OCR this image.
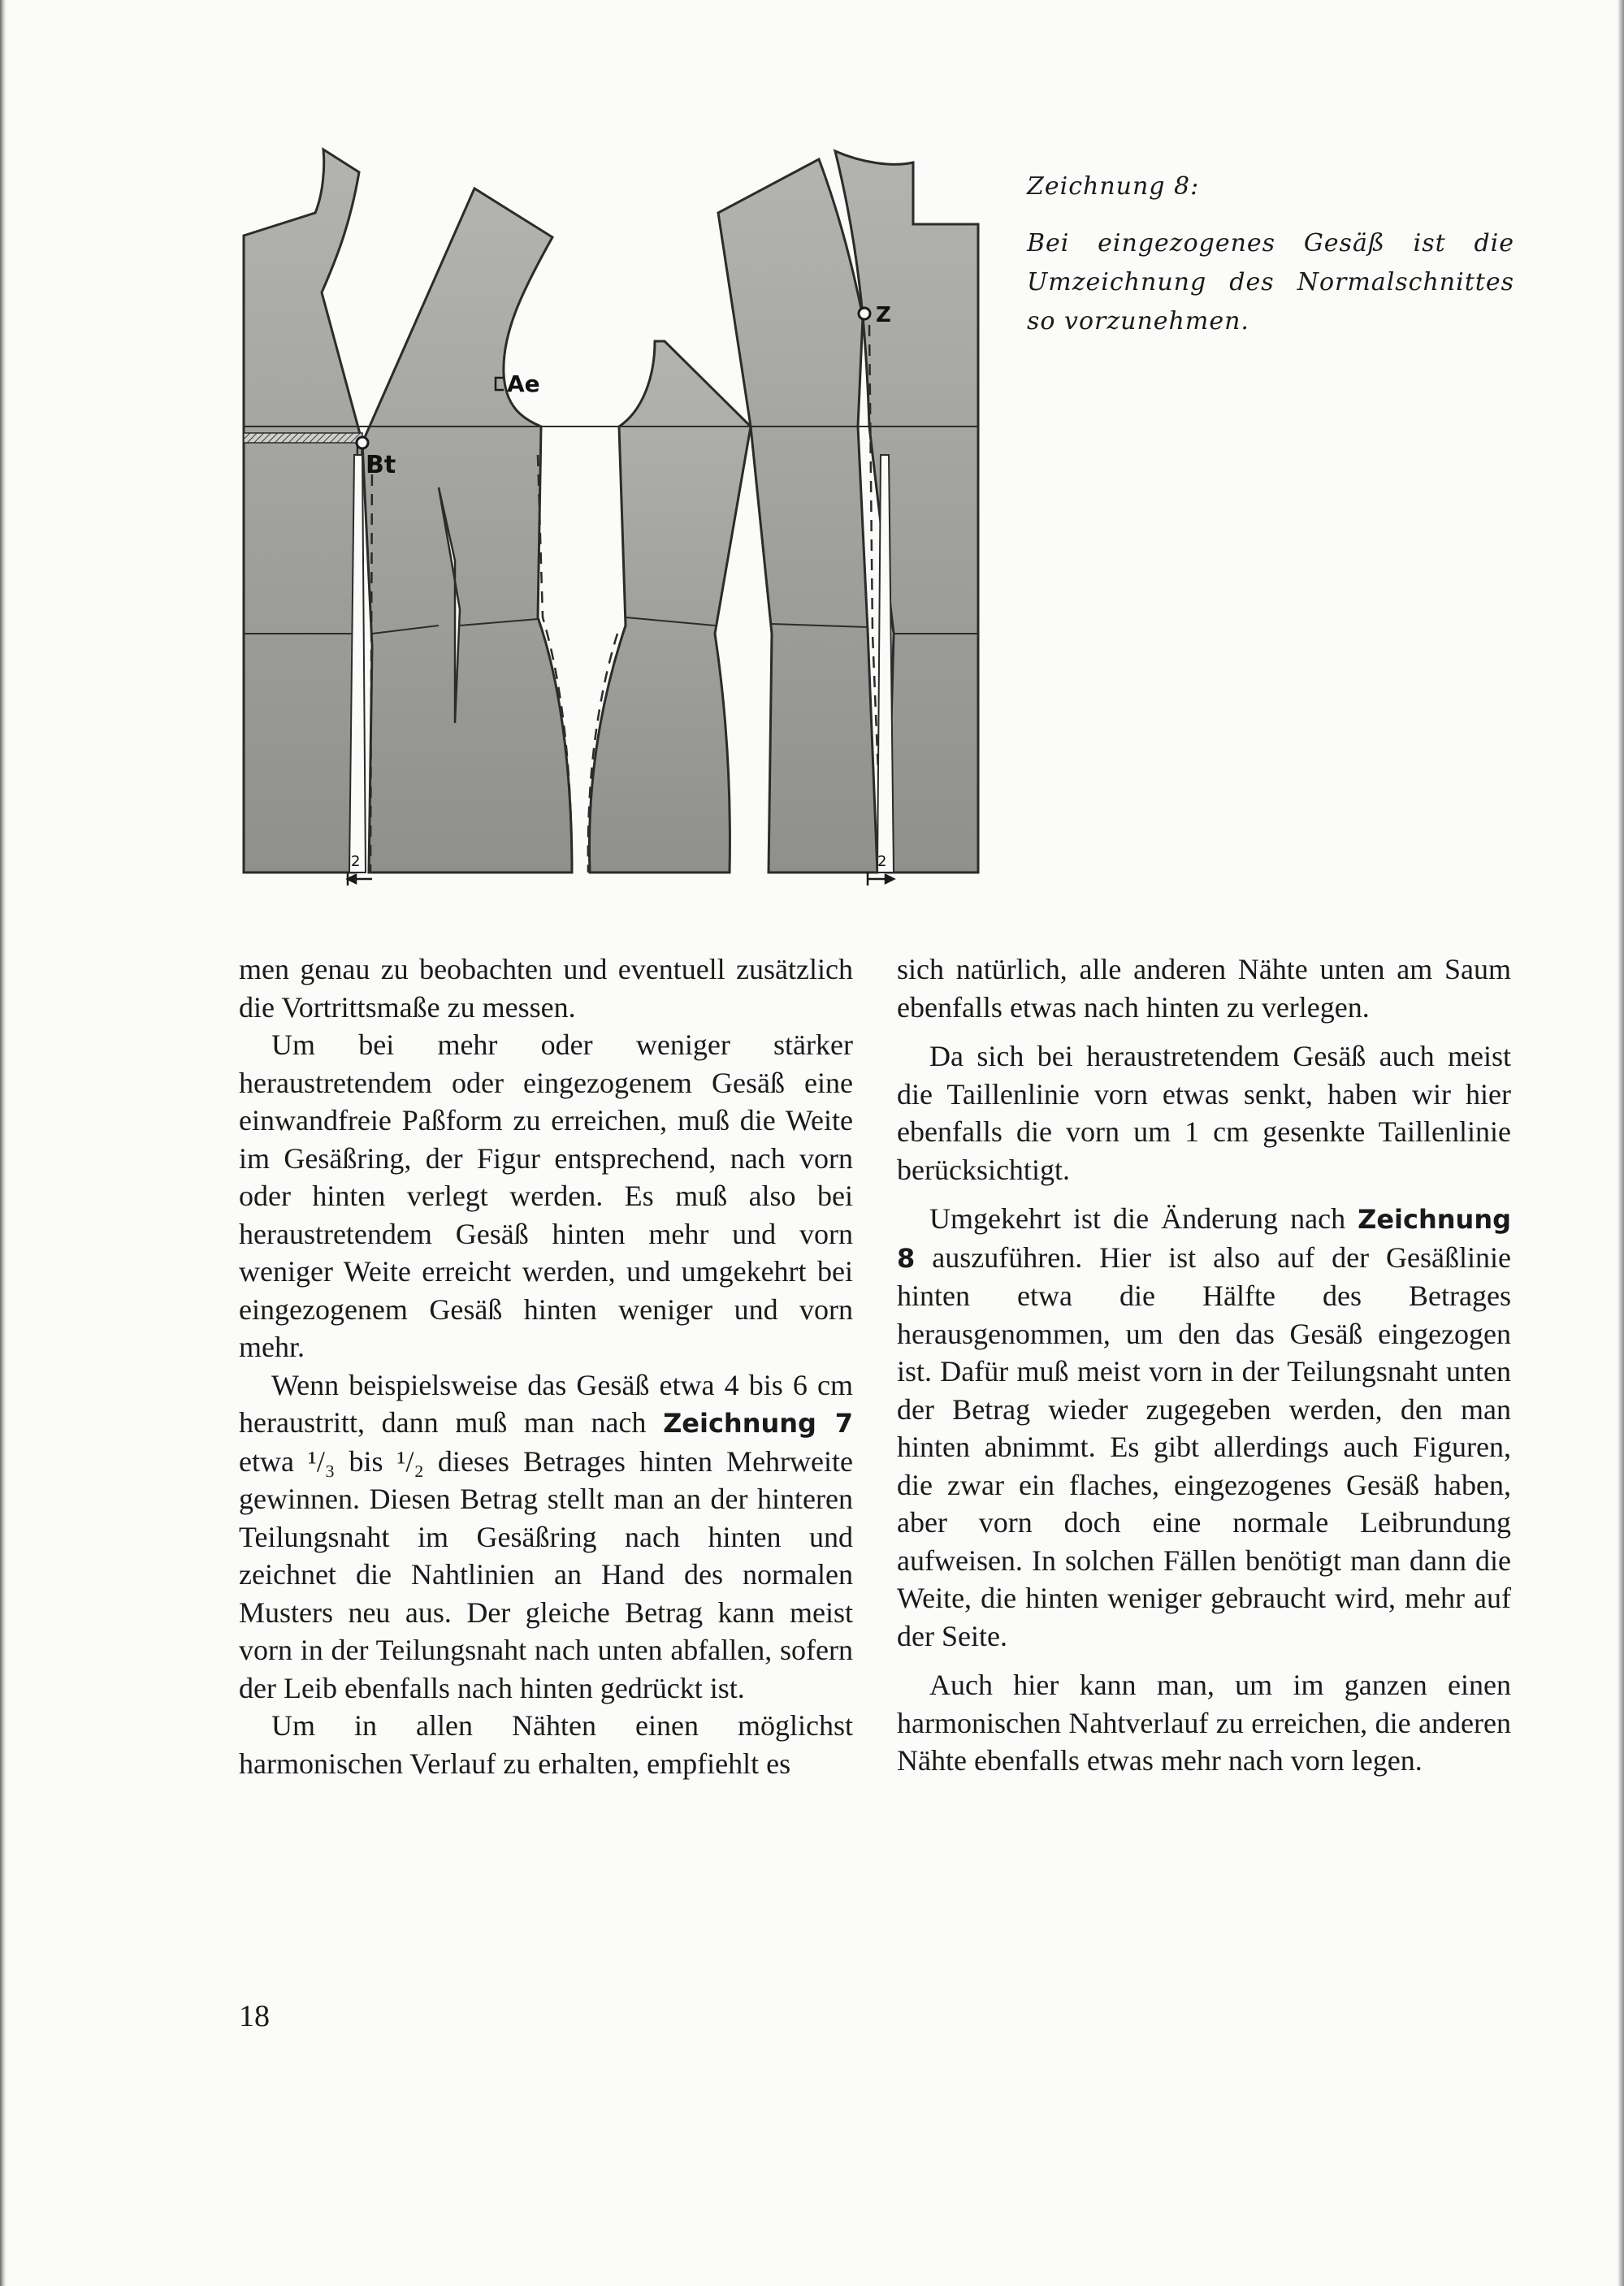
Ae
Bt
Z
2	2
Zeichnung 8:
Bei eingezogenes Gesäß ist die Umzeichnung des Normalschnittes so vorzunehmen.

men genau zu beobachten und eventuell zusätzlich die Vortrittsmaße zu messen.

Um bei mehr oder weniger stärker heraustretendem oder eingezogenem Gesäß eine einwandfreie Paßform zu erreichen, muß die Weite im Gesäßring, der Figur entsprechend, nach vorn oder hinten verlegt werden. Es muß also bei heraustretendem Gesäß hinten mehr und vorn weniger Weite erreicht werden, und umgekehrt bei eingezogenem Gesäß hinten weniger und vorn mehr.

Wenn beispielsweise das Gesäß etwa 4 bis 6 cm heraustritt, dann muß man nach Zeichnung 7 etwa ¹/₃ bis ¹/₂ dieses Betrages hinten Mehrweite gewinnen. Diesen Betrag stellt man an der hinteren Teilungsnaht im Gesäßring nach hinten und zeichnet die Nahtlinien an Hand des normalen Musters neu aus. Der gleiche Betrag kann meist vorn in der Teilungsnaht nach unten abfallen, sofern der Leib ebenfalls nach hinten gedrückt ist.

Um in allen Nähten einen möglichst harmonischen Verlauf zu erhalten, empfiehlt es

sich natürlich, alle anderen Nähte unten am Saum ebenfalls etwas nach hinten zu verlegen.

Da sich bei heraustretendem Gesäß auch meist die Taillenlinie vorn etwas senkt, haben wir hier ebenfalls die vorn um 1 cm gesenkte Taillenlinie berücksichtigt.

Umgekehrt ist die Änderung nach Zeichnung 8 auszuführen. Hier ist also auf der Gesäßlinie hinten etwa die Hälfte des Betrages herausgenommen, um den das Gesäß eingezogen ist. Dafür muß meist vorn in der Teilungsnaht unten der Betrag wieder zugegeben werden, den man hinten abnimmt. Es gibt allerdings auch Figuren, die zwar ein flaches, eingezogenes Gesäß haben, aber vorn doch eine normale Leibrundung aufweisen. In solchen Fällen benötigt man dann die Weite, die hinten weniger gebraucht wird, mehr auf der Seite.

Auch hier kann man, um im ganzen einen harmonischen Nahtverlauf zu erreichen, die anderen Nähte ebenfalls etwas mehr nach vorn legen.

18
